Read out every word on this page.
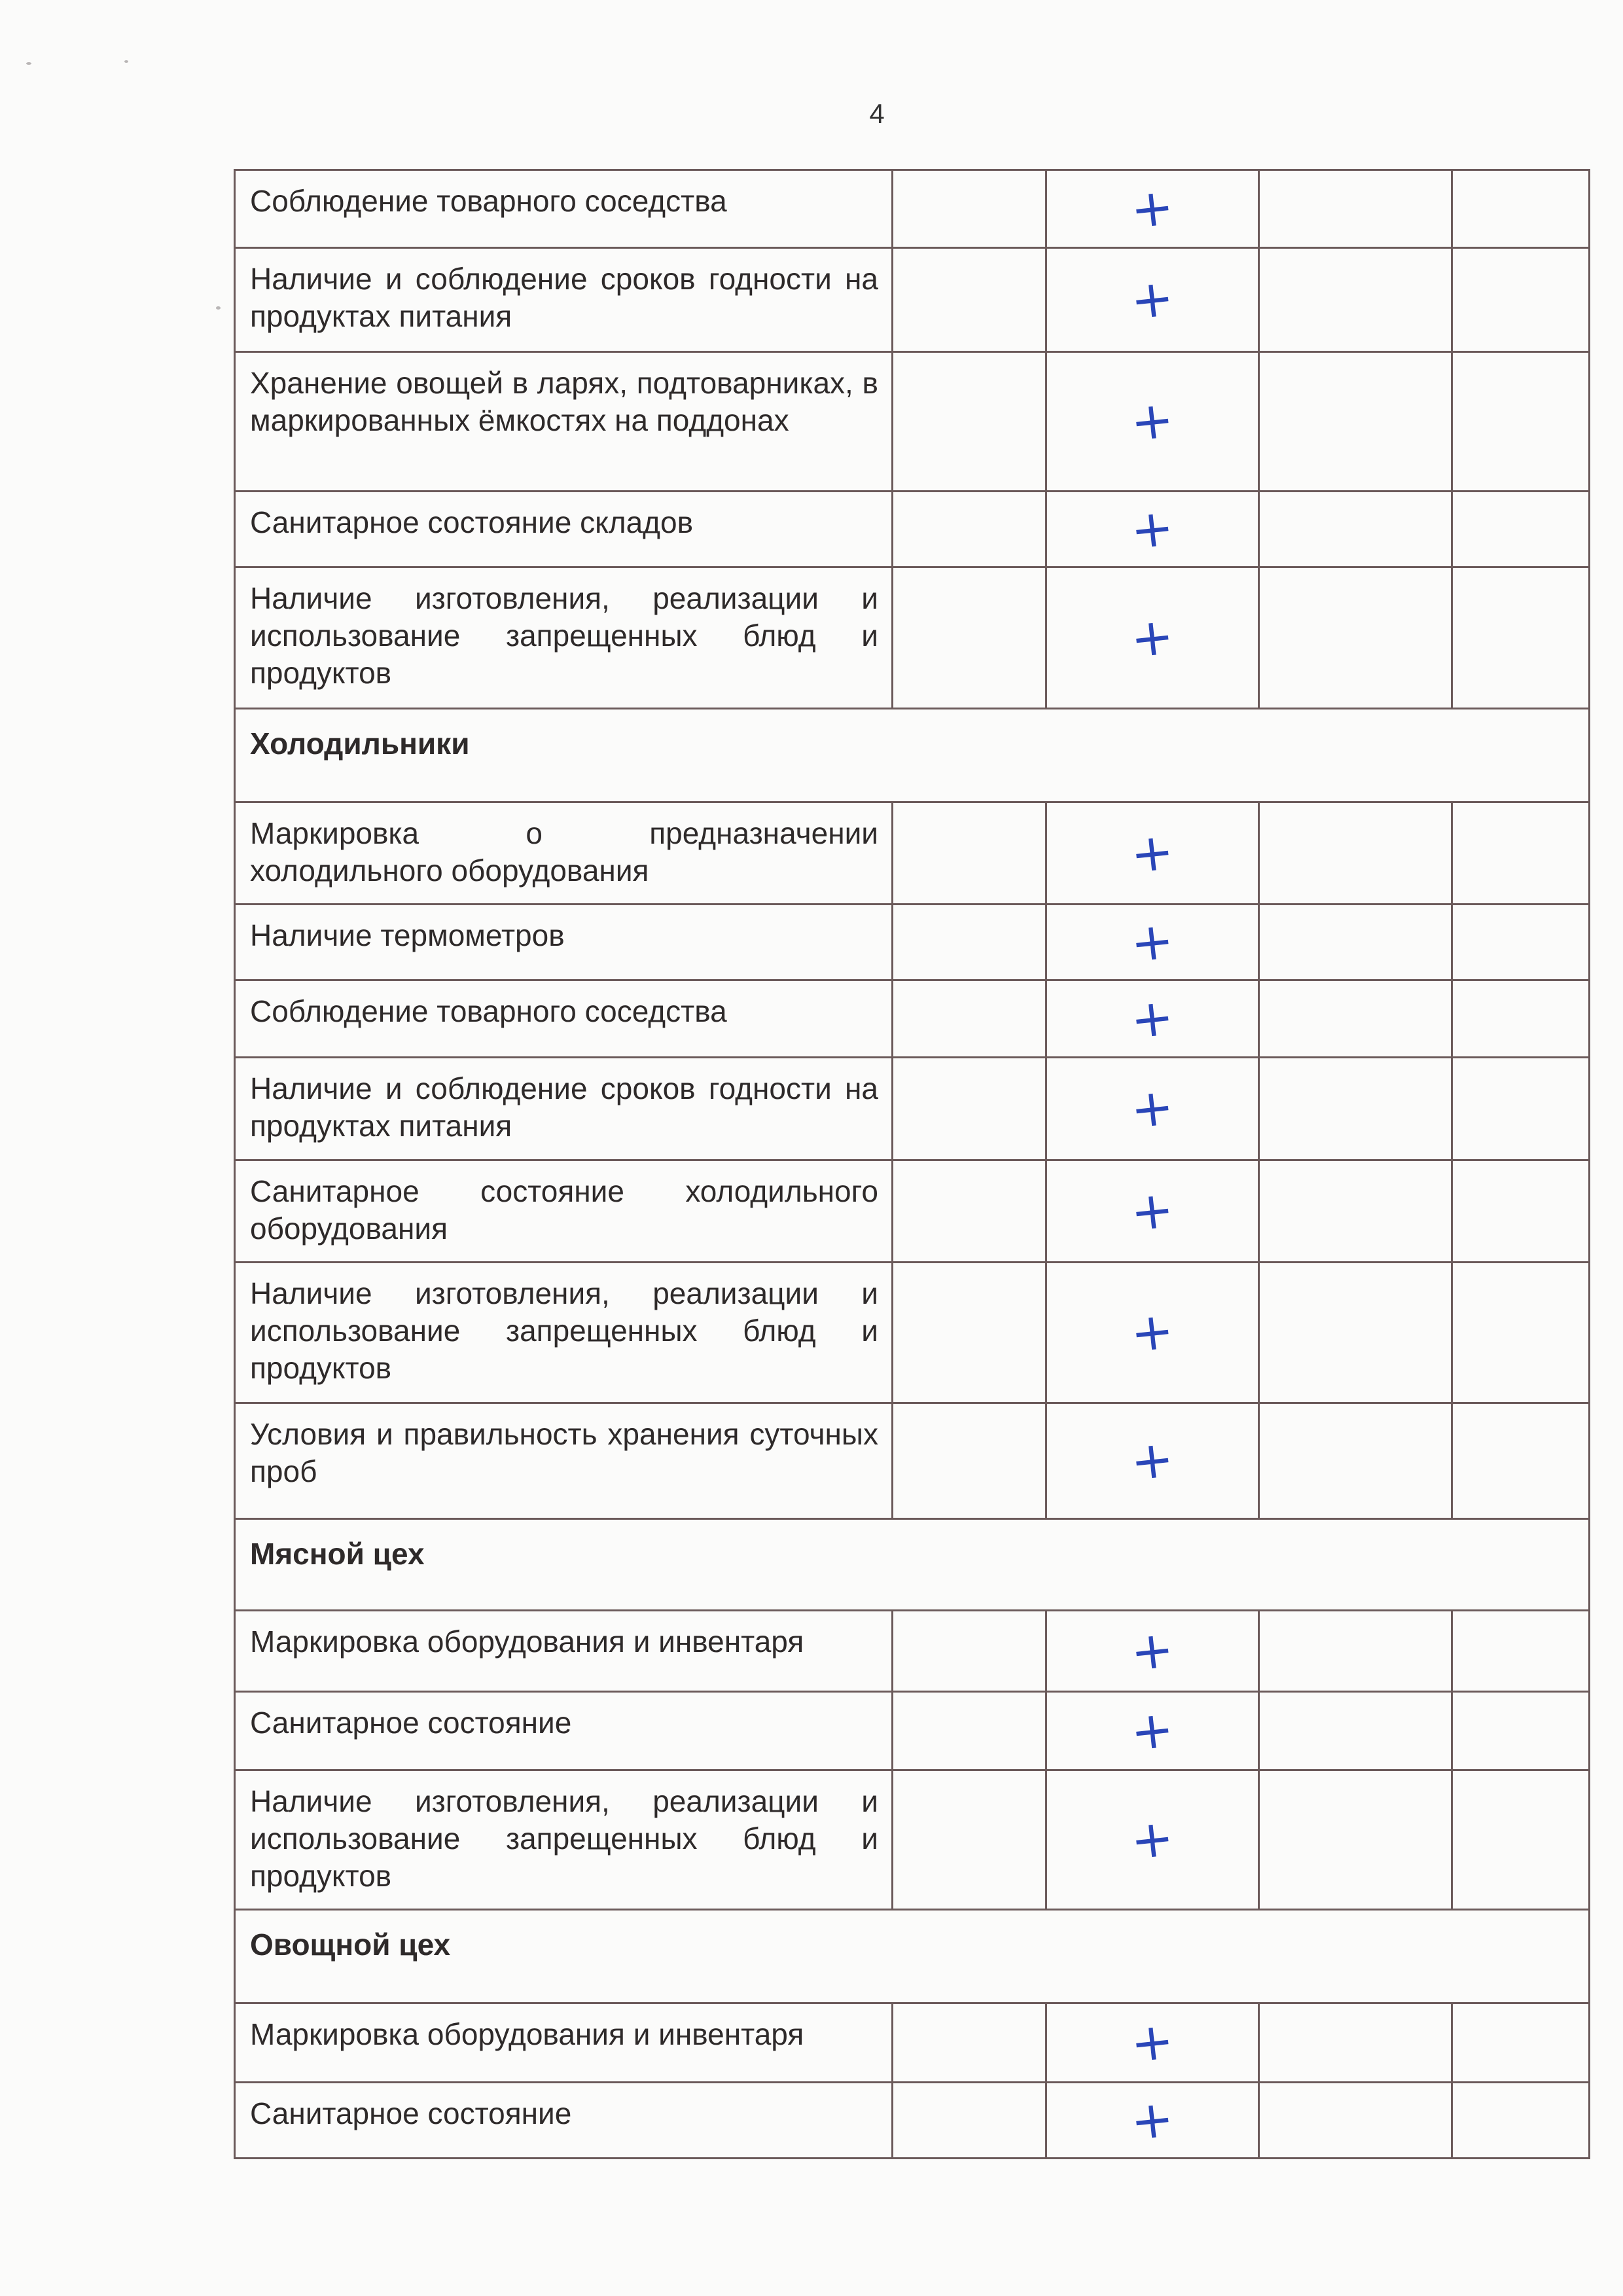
4
Соблюдение товарного соседства		+		
Наличие и соблюдение сроков годности на продуктах питания		+		
Хранение овощей в ларях, подтоварниках, в маркированных ёмкостях на поддонах		+		
Санитарное состояние складов		+		
Наличие изготовления, реализации и использование запрещенных блюд и продуктов		+		
Холодильники				
Маркировка о предназначении холодильного оборудования		+		
Наличие термометров		+		
Соблюдение товарного соседства		+		
Наличие и соблюдение сроков годности на продуктах питания		+		
Санитарное состояние холодильного оборудования		+		
Наличие изготовления, реализации и использование запрещенных блюд и продуктов		+		
Условия и правильность хранения суточных проб		+		
Мясной цех				
Маркировка оборудования и инвентаря		+		
Санитарное состояние		+		
Наличие изготовления, реализации и использование запрещенных блюд и продуктов		+		
Овощной цех				
Маркировка оборудования и инвентаря		+		
Санитарное состояние		+		
